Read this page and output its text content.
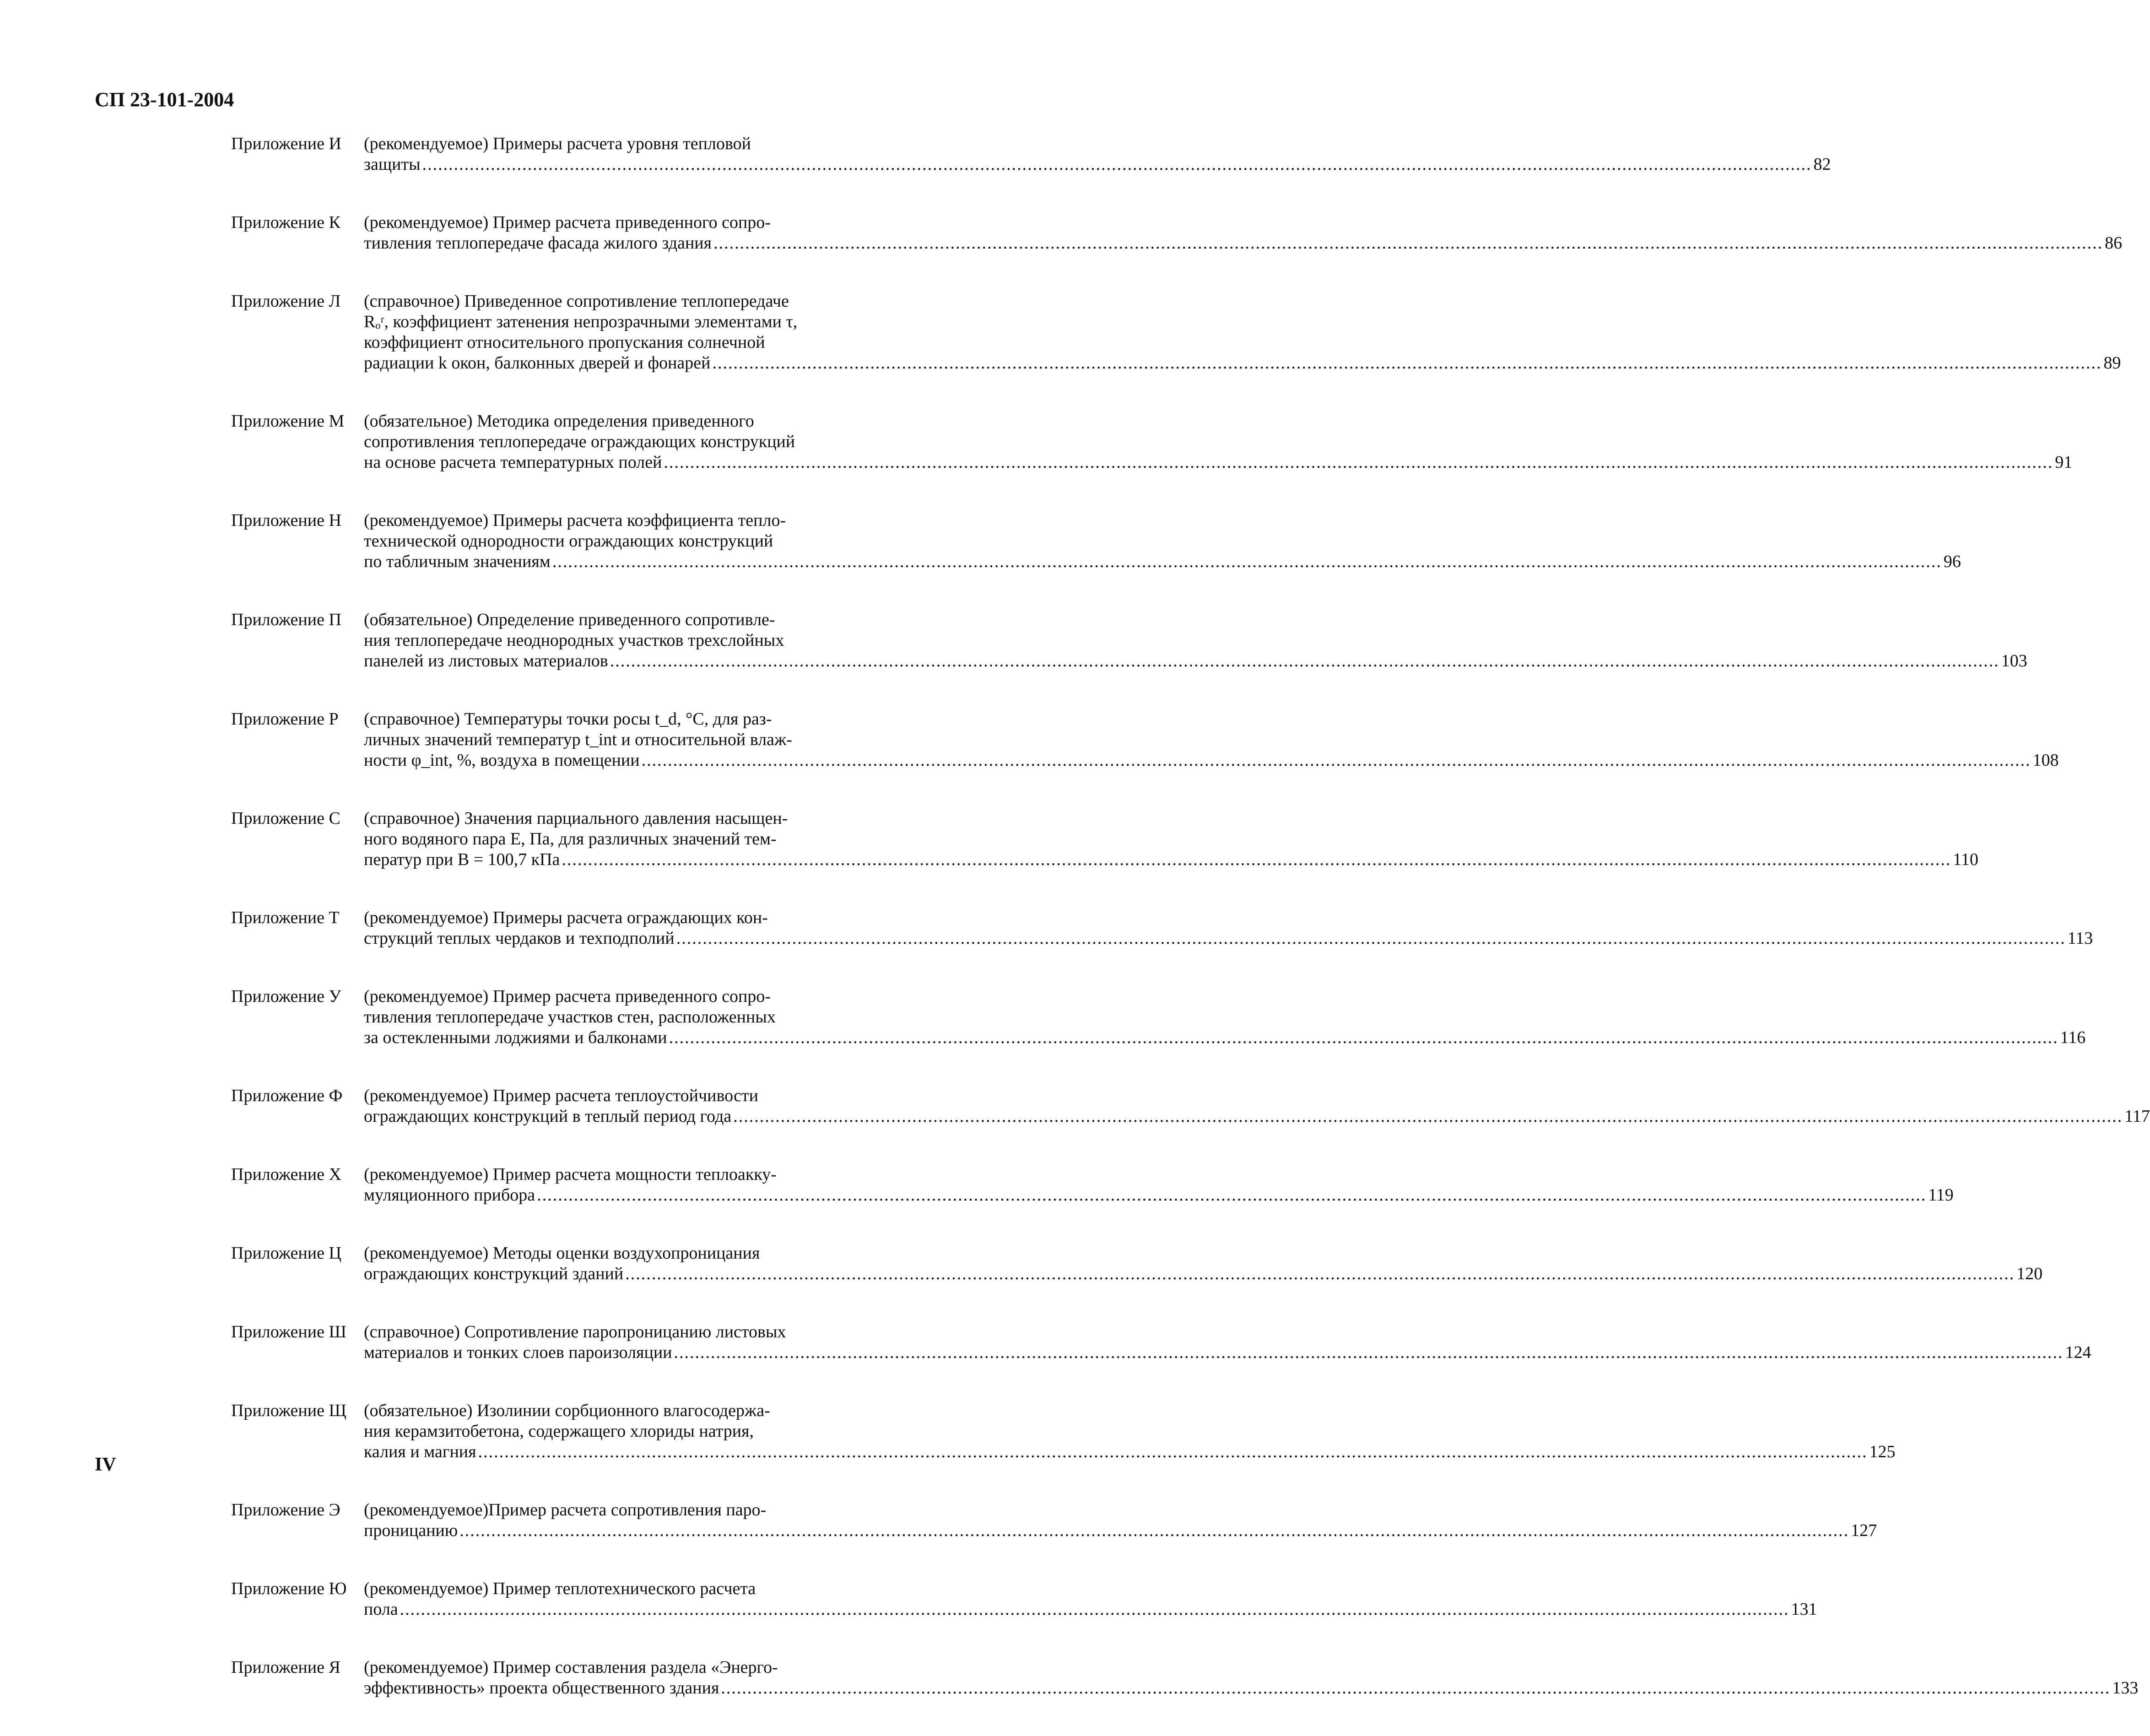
СП 23-101-2004
Приложение И	(рекомендуемое) Примеры расчета уровня тепловой
защиты .....	82
Приложение К	(рекомендуемое) Пример расчета приведенного сопро-
тивления теплопередаче фасада жилого здания .....	86
Приложение Л	(справочное) Приведенное сопротивление теплопередаче
Rₒʳ, коэффициент затенения непрозрачными элементами τ,
коэффициент относительного пропускания солнечной
радиации k окон, балконных дверей и фонарей .....	89
Приложение М	(обязательное) Методика определения приведенного
сопротивления теплопередаче ограждающих конструкций
на основе расчета температурных полей .....	91
Приложение Н	(рекомендуемое) Примеры расчета коэффициента тепло-
технической однородности ограждающих конструкций
по табличным значениям .....	96
Приложение П	(обязательное) Определение приведенного сопротивле-
ния теплопередаче неоднородных участков трехслойных
панелей из листовых материалов .....	103
Приложение Р	(справочное) Температуры точки росы t_d, °C, для раз-
личных значений температур t_int и относительной влаж-
ности φ_int, %, воздуха в помещении .....	108
Приложение С	(справочное) Значения парциального давления насыщен-
ного водяного пара E, Па, для различных значений тем-
ператур при B = 100,7 кПа .....	110
Приложение Т	(рекомендуемое) Примеры расчета ограждающих кон-
струкций теплых чердаков и техподполий .....	113
Приложение У	(рекомендуемое) Пример расчета приведенного сопро-
тивления теплопередаче участков стен, расположенных
за остекленными лоджиями и балконами .....	116
Приложение Ф	(рекомендуемое) Пример расчета теплоустойчивости
ограждающих конструкций в теплый период года .....	117
Приложение Х	(рекомендуемое) Пример расчета мощности теплоакку-
муляционного прибора .....	119
Приложение Ц	(рекомендуемое) Методы оценки воздухопроницания
ограждающих конструкций зданий .....	120
Приложение Ш	(справочное) Сопротивление паропроницанию листовых
материалов и тонких слоев пароизоляции .....	124
Приложение Щ	(обязательное) Изолинии сорбционного влагосодержа-
ния керамзитобетона, содержащего хлориды натрия,
калия и магния .....	125
Приложение Э	(рекомендуемое)Пример расчета сопротивления паро-
проницанию .....	127
Приложение Ю (рекомендуемое) Пример теплотехнического расчета
пола .....	131
Приложение Я	(рекомендуемое) Пример составления раздела «Энерго-
эффективность» проекта общественного здания .....	133
IV
